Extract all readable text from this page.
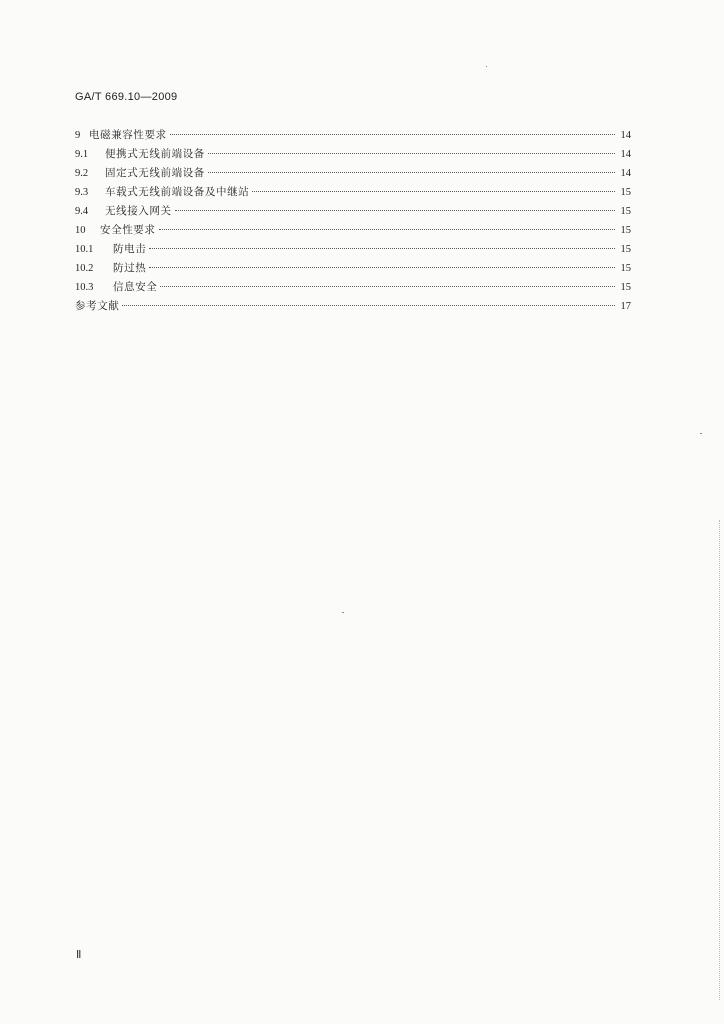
GA/T 669.10—2009
9 电磁兼容性要求	14
9.1	便携式无线前端设备	14
9.2	固定式无线前端设备	14
9.3	车载式无线前端设备及中继站	15
9.4	无线接入网关	15
10	安全性要求	15
10.1	防电击	15
10.2	防过热	15
10.3	信息安全	15
参考文献	17
Ⅱ
